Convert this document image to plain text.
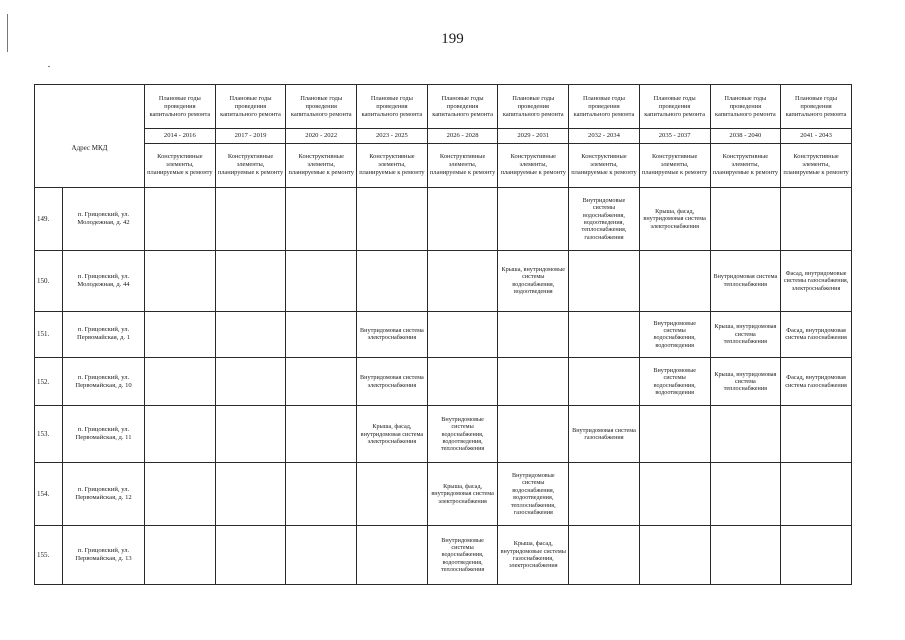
199
Адрес МКД		Плановые годы проведения капитального ремонта	Плановые годы проведения капитального ремонта	Плановые годы проведения капитального ремонта	Плановые годы проведения капитального ремонта	Плановые годы проведения капитального ремонта	Плановые годы проведения капитального ремонта	Плановые годы проведения капитального ремонта	Плановые годы проведения капитального ремонта	Плановые годы проведения капитального ремонта	Плановые годы проведения капитального ремонта
		2014 - 2016	2017 - 2019	2020 - 2022	2023 - 2025	2026 - 2028	2029 - 2031	2032 - 2034	2035 - 2037	2038 - 2040	2041 - 2043
		Конструктивные элементы, планируемые к ремонту	Конструктивные элементы, планируемые к ремонту	Конструктивные элементы, планируемые к ремонту	Конструктивные элементы, планируемые к ремонту	Конструктивные элементы, планируемые к ремонту	Конструктивные элементы, планируемые к ремонту	Конструктивные элементы, планируемые к ремонту	Конструктивные элементы, планируемые к ремонту	Конструктивные элементы, планируемые к ремонту	Конструктивные элементы, планируемые к ремонту
149.	п. Грицовский, ул. Молодежная, д. 42							Внутридомовые системы водоснабжения, водоотведения, теплоснабжения, газоснабжения	Крыша, фасад, внутридомовая система электроснабжения		
150.	п. Грицовский, ул. Молодежная, д. 44						Крыша, внутридомовые системы водоснабжения, водоотведения			Внутридомовая система теплоснабжения	Фасад, внутридомовые системы газоснабжения, электроснабжения
151.	п. Грицовский, ул. Первомайская, д. 1				Внутридомовая система электроснабжения				Внутридомовые системы водоснабжения, водоотведения	Крыша, внутридомовая система теплоснабжения	Фасад, внутридомовая система газоснабжения
152.	п. Грицовский, ул. Первомайская, д. 10				Внутридомовая система электроснабжения				Внутридомовые системы водоснабжения, водоотведения	Крыша, внутридомовая система теплоснабжения	Фасад, внутридомовая система газоснабжения
153.	п. Грицовский, ул. Первомайская, д. 11				Крыша, фасад, внутридомовая система электроснабжения	Внутридомовые системы водоснабжения, водоотведения, теплоснабжения		Внутридомовая система газоснабжения			
154.	п. Грицовский, ул. Первомайская, д. 12					Крыша, фасад, внутридомовая система электроснабжения	Внутридомовые системы водоснабжения, водоотведения, теплоснабжения, газоснабжения				
155.	п. Грицовский, ул. Первомайская, д. 13					Внутридомовые системы водоснабжения, водоотведения, теплоснабжения	Крыша, фасад, внутридомовые системы газоснабжения, электроснабжения				
